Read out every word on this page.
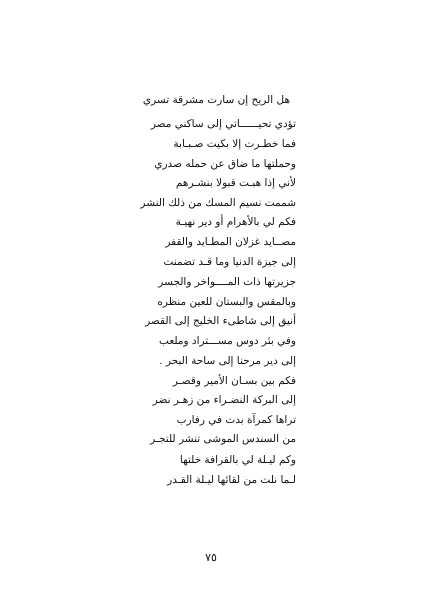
هل الريح إن سارت مشرقة تسري
تؤدي تحيــــــاتي إلى ساكني مصر
فما خطـرت إلا بكيت صـبـابة
وحملتها ما ضاق عن حمله صدري
لأني إذا هبـت قبولا بنشـرهم
شممت نسيم المسك من ذلك النشر
فكم لي بالأهرام أو دير نهيـة
مصــايد غزلان المطـايد والقفر
إلى جيزة الدنيا وما قـد تضمنت
جزيرتها ذات المــــواخر والجسر
وبالمقس والبستان للعين منظره
أنيق إلى شاطىء الخليج إلى القصر
وفي بئر دوس مســـتراد وملعب
إلى دير مرحنا إلى ساحة البحر .
فكم بين بسـان الأمير وقصـر
إلى البركة النضـراء من زهـر نضر
تراها كمرآة بدت في رفارب
من السندس الموشى تنشر للتجـر
وكم ليـلة لي بالقرافة خلتها
لـما نلت من لقائها ليـلة القـدر
٧٥
